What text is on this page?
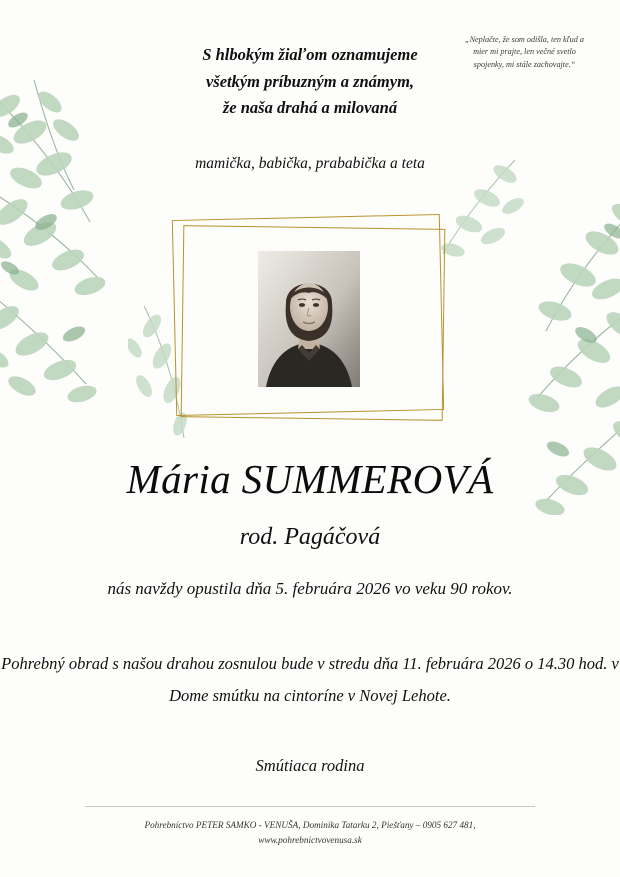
„Neplačte, že som odišla, ten kľud a mier mi prajte, len večné svetlo spojenky, mi stále zachovajte.“
S hlbokým žiaľom oznamujeme
všetkým príbuzným a známym,
že naša drahá a milovaná
mamička, babička, prababička a teta
Mária SUMMEROVÁ
rod. Pagáčová
nás navždy opustila dňa 5. februára 2026 vo veku 90 rokov.
Pohrebný obrad s našou drahou zosnulou bude v stredu dňa 11. februára 2026 o 14.30 hod. v Dome smútku na cintoríne v Novej Lehote.
Smútiaca rodina
Pohrebníctvo PETER SAMKO - VENUŠA, Dominika Tatarku 2, Piešťany – 0905 627 481,
www.pohrebnictvovenusa.sk
